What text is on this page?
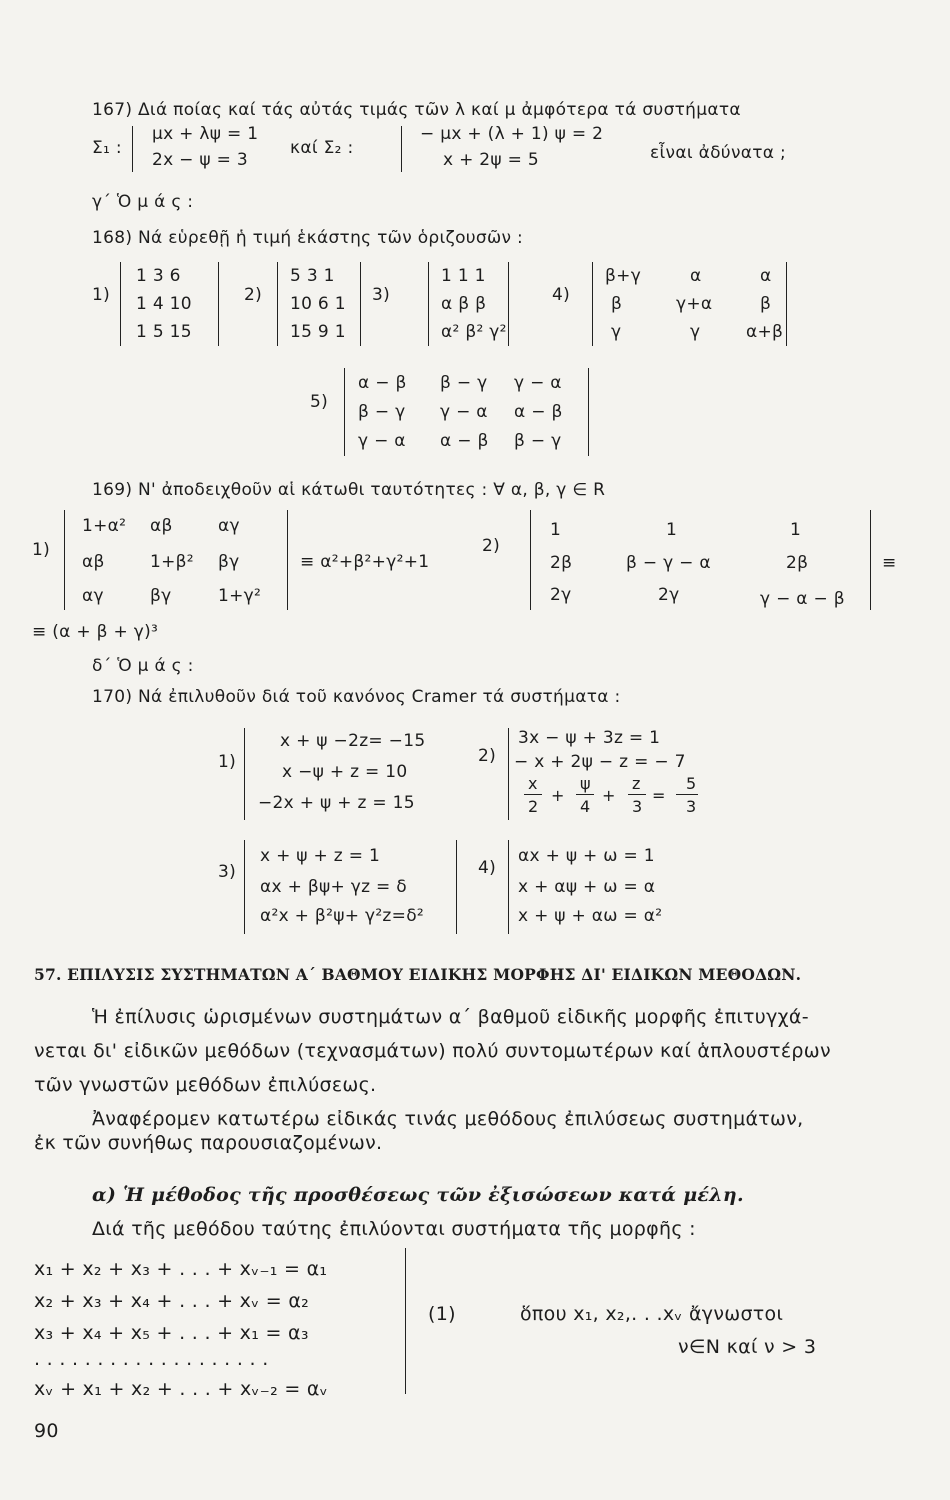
167) Διά ποίας καί τάς αὐτάς τιμάς τῶν λ καί μ ἀμφότερα τά συστήματα
Σ₁ :
μx + λψ = 1
2x − ψ = 3
καί Σ₂ :
− μx + (λ + 1) ψ = 2
x + 2ψ = 5	εἶναι ἀδύνατα ;
γ΄ Ὁ μ ά ς :
168) Νά εὑρεθῇ ἡ τιμή ἑκάστης τῶν ὁριζουσῶν :
1)
1 3 6
1 4 10
1 5 15
2)
5 3 1
10 6 1
15 9 1
3)
1 1 1
α β β
α² β² γ²
4)
β+γ	α	α
β	γ+α	β
γ	γ	α+β
5)
α − β β − γ γ − α
β − γ γ − α α − β
γ − α α − β β − γ
169) Ν' ἀποδειχθοῦν αἱ κάτωθι ταυτότητες : ∀ α, β, γ ∈ R
1)
1+α² αβ	αγ
αβ	1+β² βγ
αγ	βγ	1+γ²
≡ α²+β²+γ²+1
2)
1	1	1
2β	β − γ − α	2β
2γ	2γ	γ − α − β
≡
≡ (α + β + γ)³
δ΄ Ὁ μ ά ς :
170) Νά ἐπιλυθοῦν διά τοῦ κανόνος Cramer τά συστήματα :
1)
x + ψ −2z= −15
x −ψ + z = 10
−2x + ψ + z = 15
2)
3x − ψ + 3z = 1
− x + 2ψ − z = − 7
x
2
+
ψ
4
+
z
3
=
5
3
3)
x + ψ + z = 1
αx + βψ+ γz = δ
α²x + β²ψ+ γ²z=δ²
4)
αx + ψ + ω = 1
x + αψ + ω = α
x + ψ + αω = α²
57. ΕΠΙΛΥΣΙΣ ΣΥΣΤΗΜΑΤΩΝ Α΄ ΒΑΘΜΟΥ ΕΙΔΙΚΗΣ ΜΟΡΦΗΣ ΔΙ' ΕΙΔΙΚΩΝ ΜΕΘΟΔΩΝ.
Ἡ ἐπίλυσις ὡρισμένων συστημάτων α΄ βαθμοῦ εἰδικῆς μορφῆς ἐπιτυγχά-
νεται δι' εἰδικῶν μεθόδων (τεχνασμάτων) πολύ συντομωτέρων καί ἁπλουστέρων
τῶν γνωστῶν μεθόδων ἐπιλύσεως.
Ἀναφέρομεν κατωτέρω εἰδικάς τινάς μεθόδους ἐπιλύσεως συστημάτων,
ἐκ τῶν συνήθως παρουσιαζομένων.
α) Ἡ μέθοδος τῆς προσθέσεως τῶν ἐξισώσεων κατά μέλη.
Διά τῆς μεθόδου ταύτης ἐπιλύονται συστήματα τῆς μορφῆς :
x₁ + x₂ + x₃ + . . . + xᵥ₋₁ = α₁
x₂ + x₃ + x₄ + . . . + xᵥ = α₂
x₃ + x₄ + x₅ + . . . + x₁ = α₃
. . . . . . . . . . . . . . . . . . .
xᵥ + x₁ + x₂ + . . . + xᵥ₋₂ = αᵥ
(1)	ὅπου x₁, x₂,. . .xᵥ ἄγνωστοι
ν∈N καί ν > 3
90
